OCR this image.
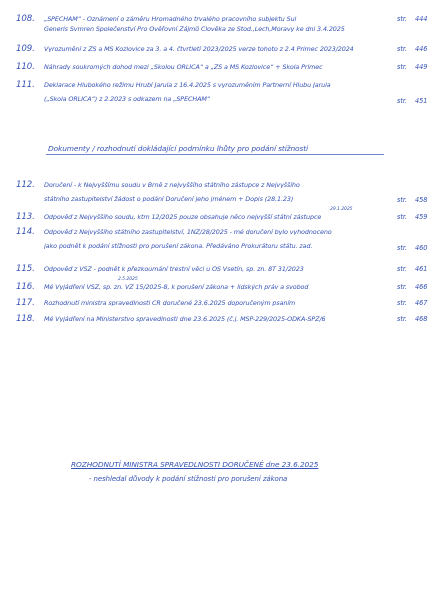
108. „SPĚCHÁM“ - Oznámení o záměru Hromadného trvalého pracovního subjektu Sui
Generis Svmren Společenství Pro Ověřovní Zájmů Člověka ze Stod.,Lech,Moravy ke dni 3.4.2025
str. 444
109. Vyrozumění z ZŠ a MŠ Kozlovice za 3. a 4. čtvrtletí 2023/2025 verze tohoto z 2.4 Primec 2023/2024	str. 446
110. Náhrady soukromých dohod mezi „Školou ORLICA“ a „ZŠ a MŠ Kozlovice“ + Škola Primec	str. 449
111. Deklarace Hlubokého režimu Hrubí Jarula z 16.4.2025 s vyrozuměním Partnerní Hlubu Jarula
(„Škola ORLICA“) z 2.2023 s odkazem na „SPĚCHÁM“	str. 451
Dokumenty / rozhodnutí dokládající podmínku lhůty pro podání stížnosti
112. Doručení - k Nejvyššímu soudu v Brně z nejvyššího státního zástupce z Nejvyššího
státního zastupitelství žádost o podání Doručení jeho jménem + Dopis (28.1.23)	str. 458
29.1.2025
113. Odpověď z Nejvyššího soudu, ktm 12/2025 pouze obsahuje něco nejvyšší státní zástupce	str. 459
114. Odpověď z Nejvyššího státního zastupitelství, 1NZ/28/2025 - mé doručení bylo vyhodnoceno
jako podnět k podání stížnosti pro porušení zákona. Předáváno Prokurátoru státu. zad.	str. 460
115. Odpověď z VSZ - podnět k přezkoumání trestní věci u OS Vsetín, sp. zn. 8T 31/2023	str. 461
2.5.2025
116. Mé Vyjádření VSZ, sp. zn. VZ 15/2025-8, k porušení zákona + lidských práv a svobod	str. 466
117. Rozhodnutí ministra spravedlnosti ČR doručené 23.6.2025 doporučeným psaním	str. 467
118. Mé Vyjádření na Ministerstvo spravedlnosti dne 23.6.2025 (č.j. MSP-229/2025-ODKA-SPZ/6	str. 468
ROZHODNUTÍ MINISTRA SPRAVEDLNOSTI DORUČENÉ dne 23.6.2025
- neshledal důvody k podání stížnosti pro porušení zákona
